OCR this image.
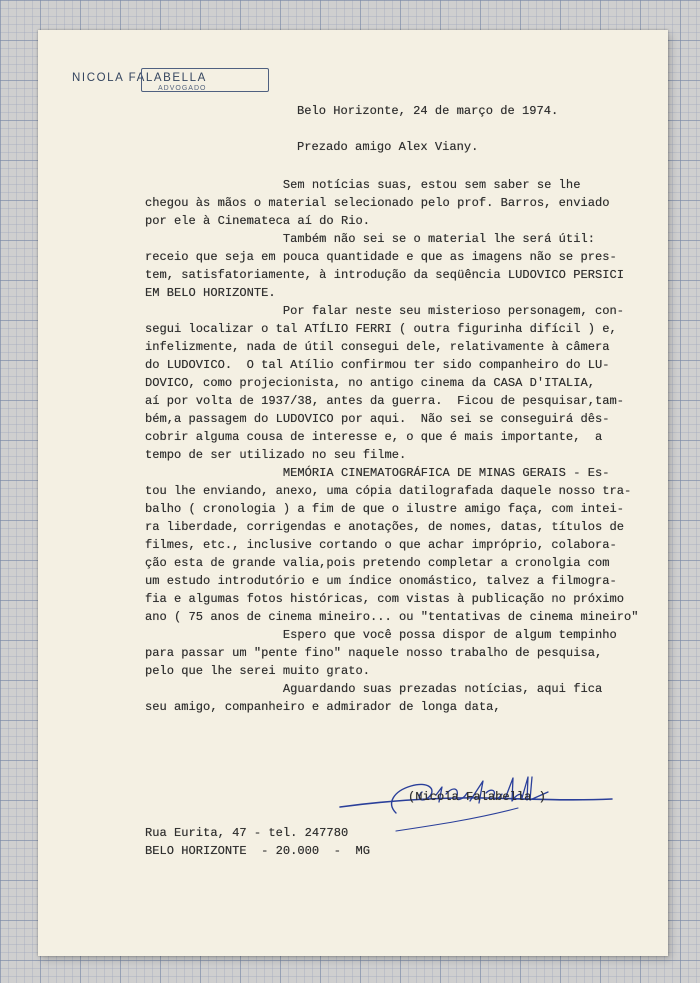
NICOLA FALABELLA
ADVOGADO
Belo Horizonte, 24 de março de 1974.
Prezado amigo Alex Viany.
Sem notícias suas, estou sem saber se lhe
chegou às mãos o material selecionado pelo prof. Barros, enviado
por ele à Cinemateca aí do Rio.
Também não sei se o material lhe será útil:
receio que seja em pouca quantidade e que as imagens não se pres-
tem, satisfatoriamente, à introdução da seqüência LUDOVICO PERSICI
EM BELO HORIZONTE.
Por falar neste seu misterioso personagem, con-
segui localizar o tal ATÍLIO FERRI ( outra figurinha difícil ) e,
infelizmente, nada de útil consegui dele, relativamente à câmera
do LUDOVICO.  O tal Atílio confirmou ter sido companheiro do LU-
DOVICO, como projecionista, no antigo cinema da CASA D'ITALIA,
aí por volta de 1937/38, antes da guerra.  Ficou de pesquisar,tam-
bém,a passagem do LUDOVICO por aqui.  Não sei se conseguirá dês-
cobrir alguma cousa de interesse e, o que é mais importante,  a
tempo de ser utilizado no seu filme.
MEMÓRIA CINEMATOGRÁFICA DE MINAS GERAIS - Es-
tou lhe enviando, anexo, uma cópia datilografada daquele nosso tra-
balho ( cronologia ) a fim de que o ilustre amigo faça, com intei-
ra liberdade, corrigendas e anotações, de nomes, datas, títulos de
filmes, etc., inclusive cortando o que achar impróprio, colabora-
ção esta de grande valia,pois pretendo completar a cronolgia com
um estudo introdutório e um índice onomástico, talvez a filmogra-
fia e algumas fotos históricas, com vistas à publicação no próximo
ano ( 75 anos de cinema mineiro... ou "tentativas de cinema mineiro"
Espero que você possa dispor de algum tempinho
para passar um "pente fino" naquele nosso trabalho de pesquisa,
pelo que lhe serei muito grato.
Aguardando suas prezadas notícias, aqui fica
seu amigo, companheiro e admirador de longa data,
(Nicola Falabella )
Rua Eurita, 47 - tel. 247780
BELO HORIZONTE  - 20.000  -  MG
